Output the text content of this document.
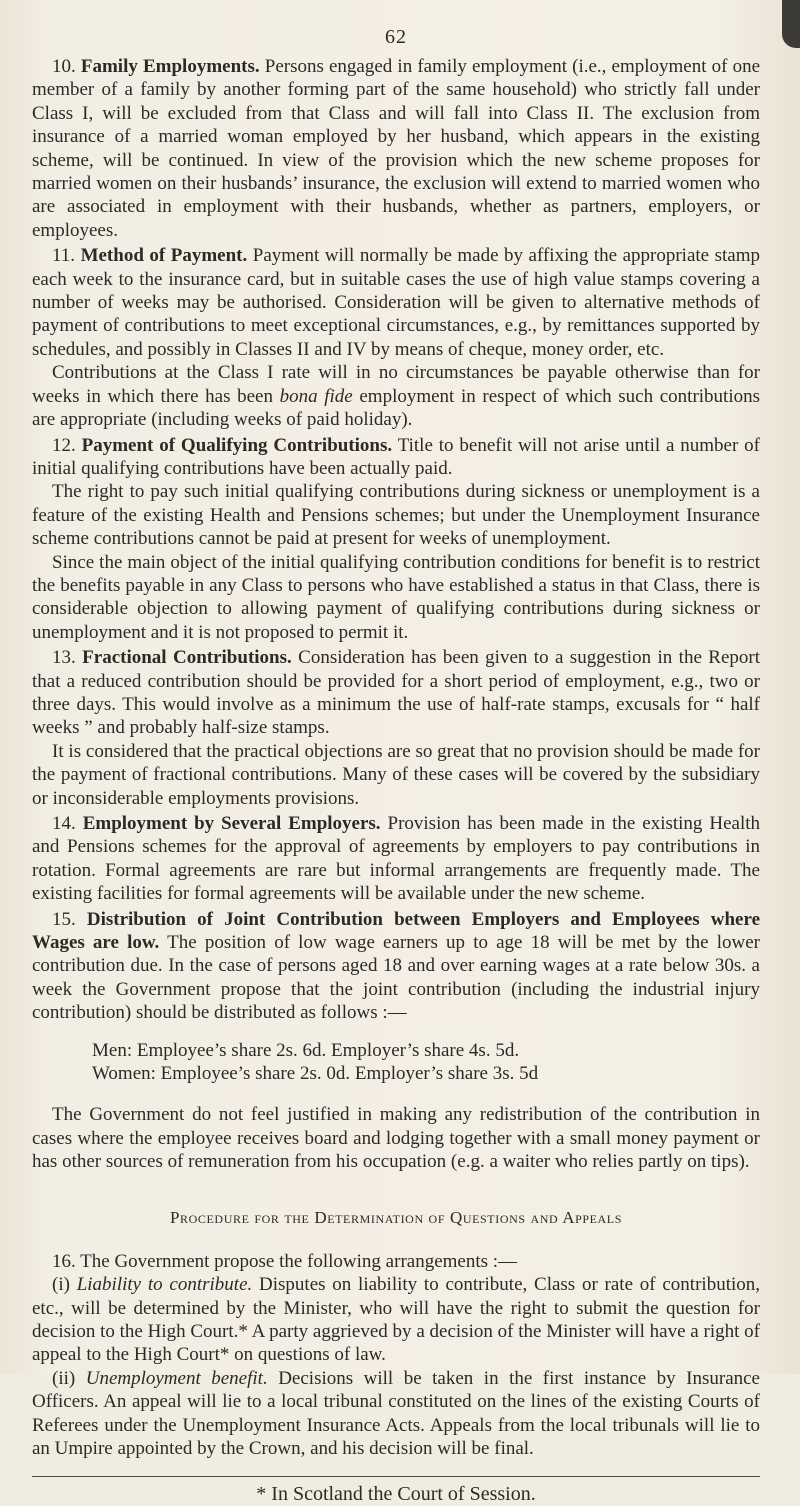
62

10. Family Employments. Persons engaged in family employment (i.e., employment of one member of a family by another forming part of the same household) who strictly fall under Class I, will be excluded from that Class and will fall into Class II. The exclusion from insurance of a married woman employed by her husband, which appears in the existing scheme, will be continued. In view of the provision which the new scheme proposes for married women on their husbands’ insurance, the exclusion will extend to married women who are associated in employment with their husbands, whether as partners, employers, or employees.

11. Method of Payment. Payment will normally be made by affixing the appropriate stamp each week to the insurance card, but in suitable cases the use of high value stamps covering a number of weeks may be authorised. Consideration will be given to alternative methods of payment of contributions to meet exceptional circumstances, e.g., by remittances supported by schedules, and possibly in Classes II and IV by means of cheque, money order, etc.

Contributions at the Class I rate will in no circumstances be payable otherwise than for weeks in which there has been bona fide employment in respect of which such contributions are appropriate (including weeks of paid holiday).

12. Payment of Qualifying Contributions. Title to benefit will not arise until a number of initial qualifying contributions have been actually paid.

The right to pay such initial qualifying contributions during sickness or unemployment is a feature of the existing Health and Pensions schemes; but under the Unemployment Insurance scheme contributions cannot be paid at present for weeks of unemployment.

Since the main object of the initial qualifying contribution conditions for benefit is to restrict the benefits payable in any Class to persons who have established a status in that Class, there is considerable objection to allowing payment of qualifying contributions during sickness or unemployment and it is not proposed to permit it.

13. Fractional Contributions. Consideration has been given to a suggestion in the Report that a reduced contribution should be provided for a short period of employment, e.g., two or three days. This would involve as a minimum the use of half-rate stamps, excusals for “ half weeks ” and probably half-size stamps.

It is considered that the practical objections are so great that no provision should be made for the payment of fractional contributions. Many of these cases will be covered by the subsidiary or inconsiderable employments provisions.

14. Employment by Several Employers. Provision has been made in the existing Health and Pensions schemes for the approval of agreements by employers to pay contributions in rotation. Formal agreements are rare but informal arrangements are frequently made. The existing facilities for formal agreements will be available under the new scheme.

15. Distribution of Joint Contribution between Employers and Employees where Wages are low. The position of low wage earners up to age 18 will be met by the lower contribution due. In the case of persons aged 18 and over earning wages at a rate below 30s. a week the Government propose that the joint contribution (including the industrial injury contribution) should be distributed as follows :—

Men: Employee’s share 2s. 6d. Employer’s share 4s. 5d.
Women: Employee’s share 2s. 0d. Employer’s share 3s. 5d

The Government do not feel justified in making any redistribution of the contribution in cases where the employee receives board and lodging together with a small money payment or has other sources of remuneration from his occupation (e.g. a waiter who relies partly on tips).

Procedure for the Determination of Questions and Appeals

16. The Government propose the following arrangements :—

(i) Liability to contribute. Disputes on liability to contribute, Class or rate of contribution, etc., will be determined by the Minister, who will have the right to submit the question for decision to the High Court.* A party aggrieved by a decision of the Minister will have a right of appeal to the High Court* on questions of law.

(ii) Unemployment benefit. Decisions will be taken in the first instance by Insurance Officers. An appeal will lie to a local tribunal constituted on the lines of the existing Courts of Referees under the Unemployment Insurance Acts. Appeals from the local tribunals will lie to an Umpire appointed by the Crown, and his decision will be final.

* In Scotland the Court of Session.
